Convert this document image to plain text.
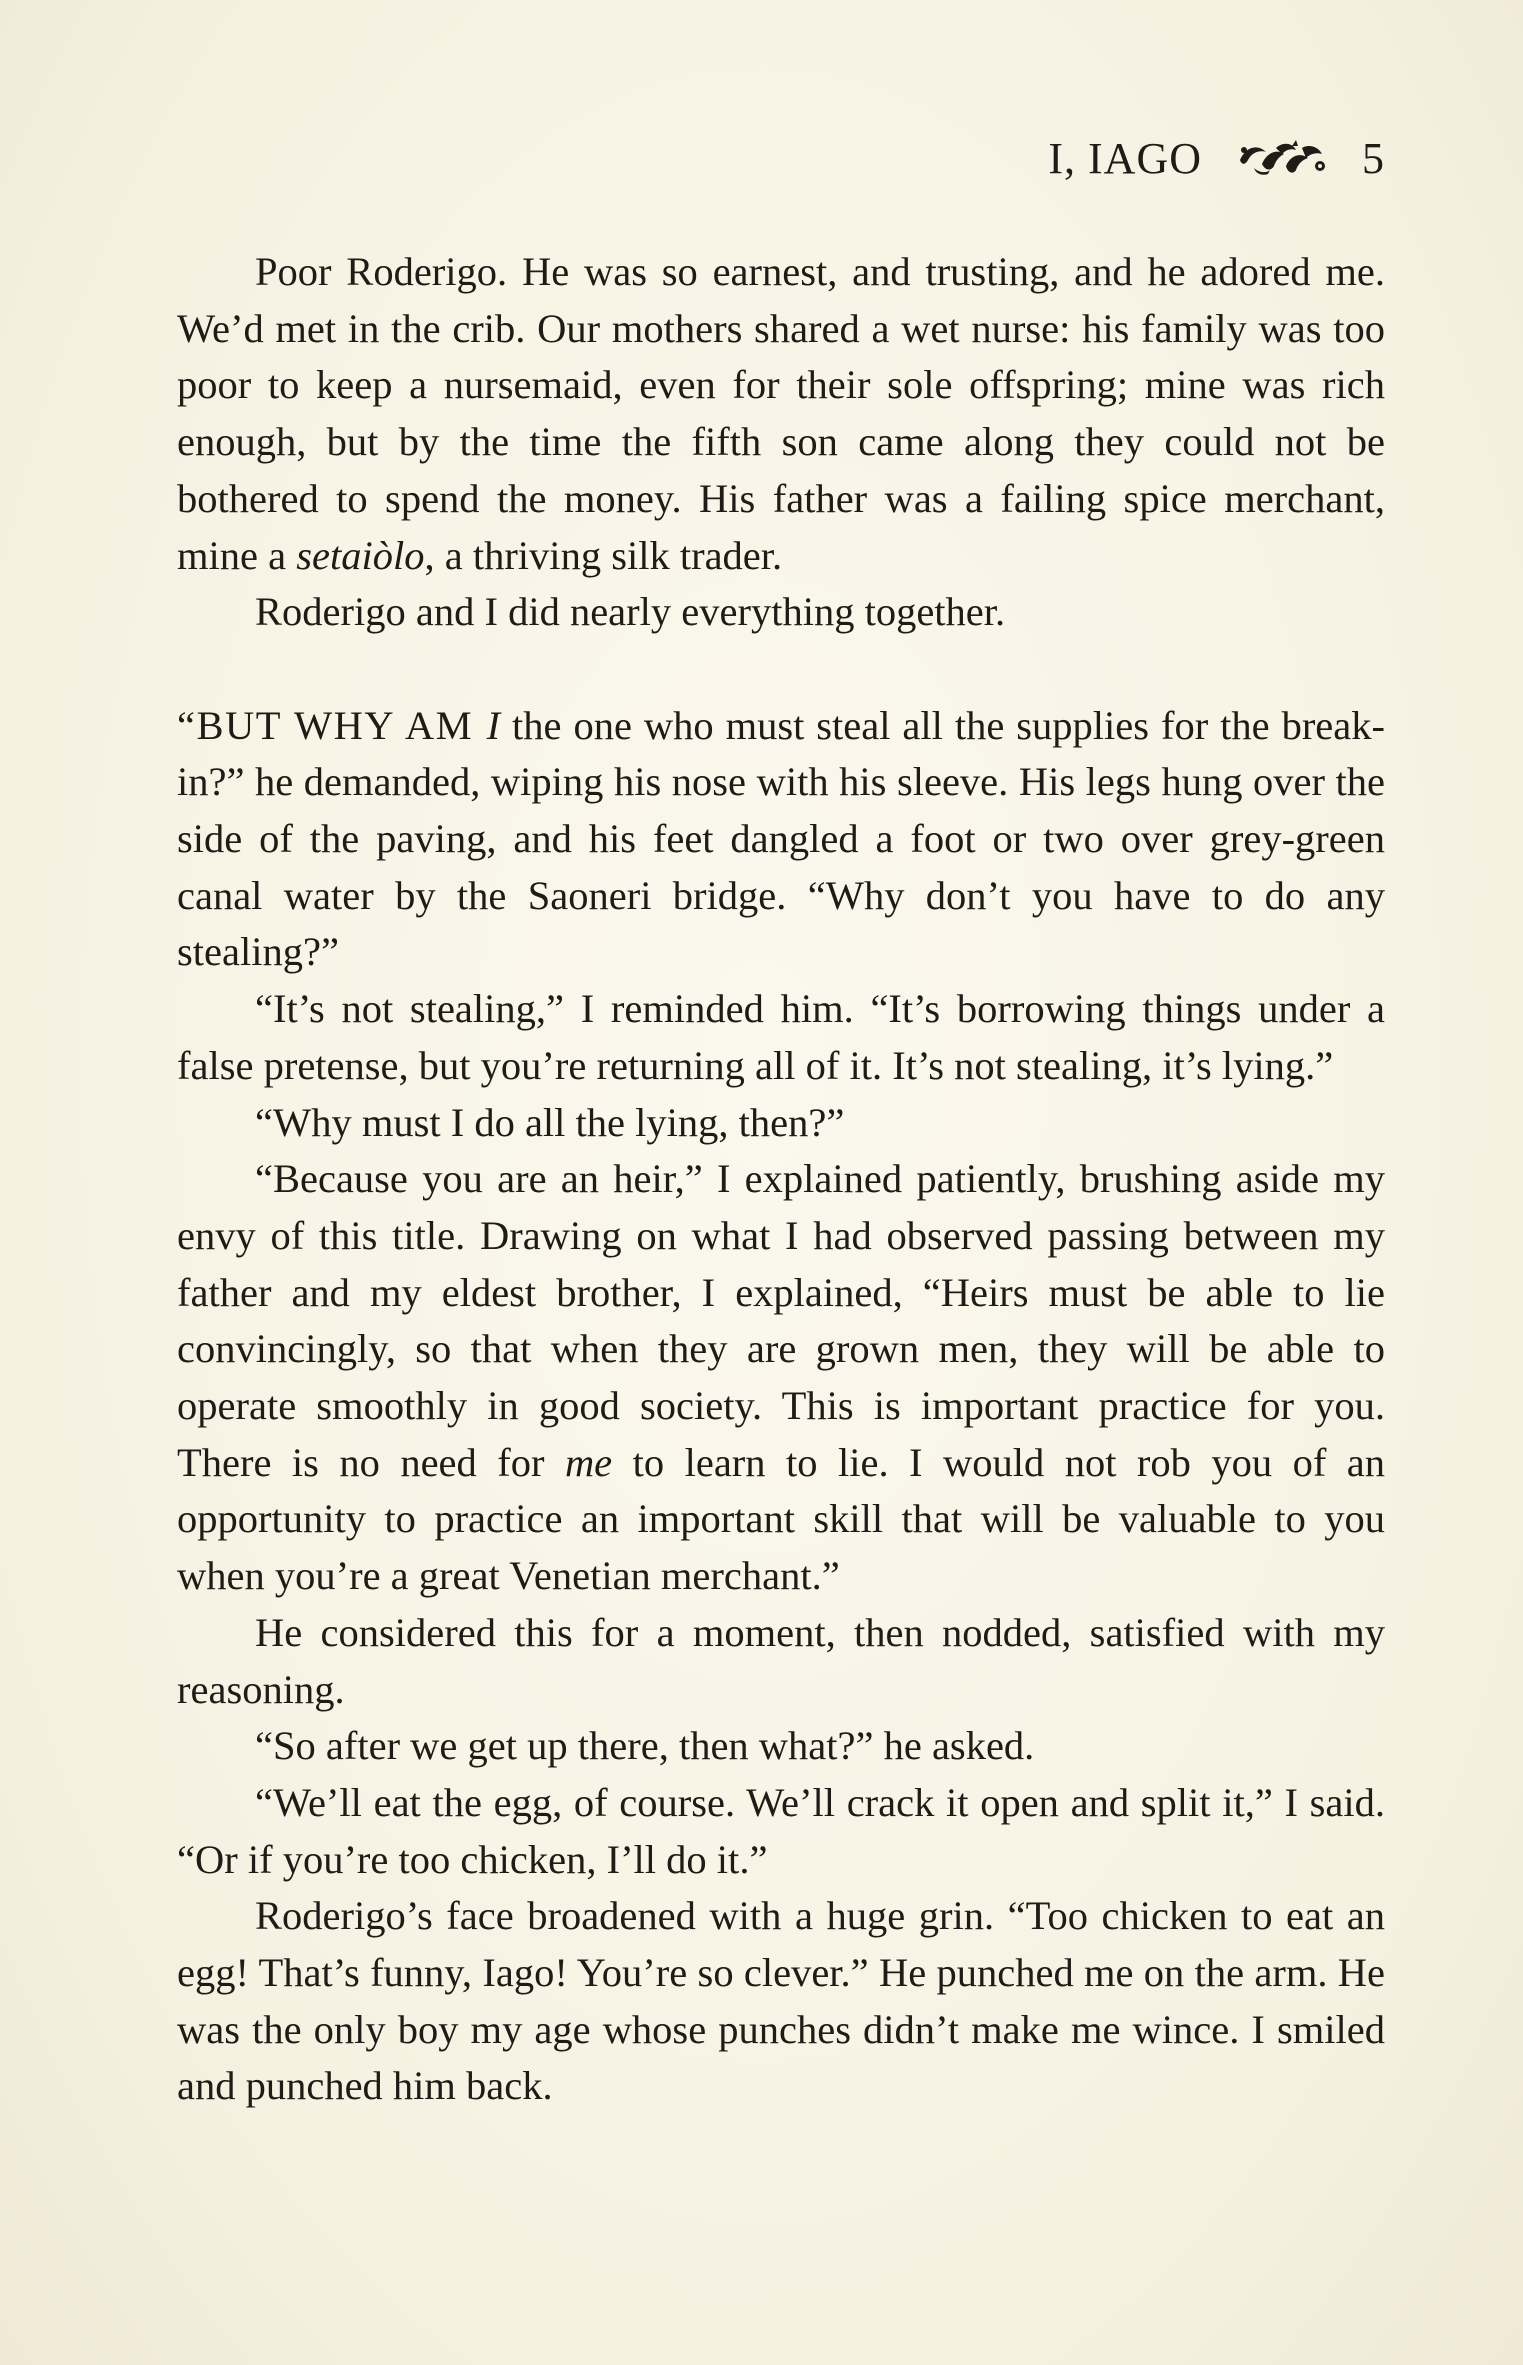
I, IAGO	5

Poor Roderigo. He was so earnest, and trusting, and he adored me. We’d met in the crib. Our mothers shared a wet nurse: his family was too poor to keep a nursemaid, even for their sole offspring; mine was rich enough, but by the time the fifth son came along they could not be bothered to spend the money. His father was a failing spice merchant, mine a setaiòlo, a thriving silk trader.

Roderigo and I did nearly everything together.

“BUT WHY AM I the one who must steal all the supplies for the break-in?” he demanded, wiping his nose with his sleeve. His legs hung over the side of the paving, and his feet dangled a foot or two over grey-green canal water by the Saoneri bridge. “Why don’t you have to do any stealing?”

“It’s not stealing,” I reminded him. “It’s borrowing things under a false pretense, but you’re returning all of it. It’s not stealing, it’s lying.”

“Why must I do all the lying, then?”

“Because you are an heir,” I explained patiently, brushing aside my envy of this title. Drawing on what I had observed passing between my father and my eldest brother, I explained, “Heirs must be able to lie convincingly, so that when they are grown men, they will be able to operate smoothly in good society. This is important practice for you. There is no need for me to learn to lie. I would not rob you of an opportunity to practice an important skill that will be valuable to you when you’re a great Venetian merchant.”

He considered this for a moment, then nodded, satisfied with my reasoning.

“So after we get up there, then what?” he asked.

“We’ll eat the egg, of course. We’ll crack it open and split it,” I said. “Or if you’re too chicken, I’ll do it.”

Roderigo’s face broadened with a huge grin. “Too chicken to eat an egg! That’s funny, Iago! You’re so clever.” He punched me on the arm. He was the only boy my age whose punches didn’t make me wince. I smiled and punched him back.
